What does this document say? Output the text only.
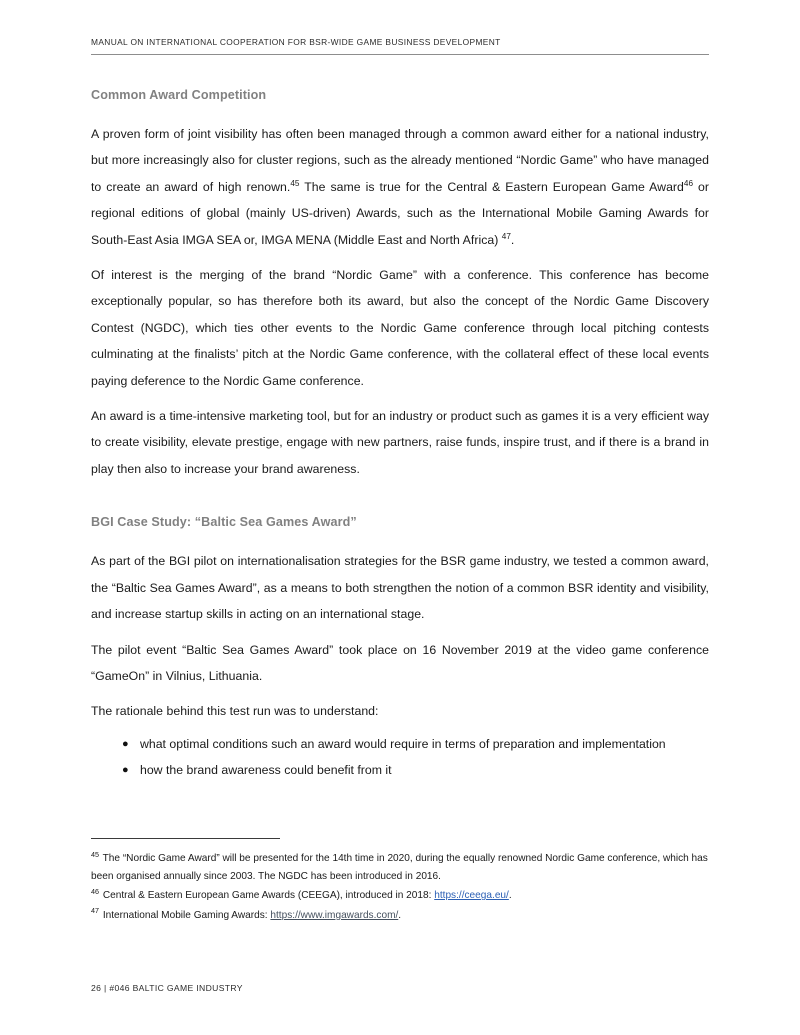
MANUAL ON INTERNATIONAL COOPERATION FOR BSR-WIDE GAME BUSINESS DEVELOPMENT
Common Award Competition

A proven form of joint visibility has often been managed through a common award either for a national industry, but more increasingly also for cluster regions, such as the already mentioned “Nordic Game” who have managed to create an award of high renown.$^{45}$ The same is true for the Central & Eastern European Game Award$^{46}$ or regional editions of global (mainly US-driven) Awards, such as the International Mobile Gaming Awards for South-East Asia IMGA SEA or, IMGA MENA (Middle East and North Africa) $^{47}$.

Of interest is the merging of the brand “Nordic Game” with a conference. This conference has become exceptionally popular, so has therefore both its award, but also the concept of the Nordic Game Discovery Contest (NGDC), which ties other events to the Nordic Game conference through local pitching contests culminating at the finalists’ pitch at the Nordic Game conference, with the collateral effect of these local events paying deference to the Nordic Game conference.

An award is a time-intensive marketing tool, but for an industry or product such as games it is a very efficient way to create visibility, elevate prestige, engage with new partners, raise funds, inspire trust, and if there is a brand in play then also to increase your brand awareness.

BGI Case Study: “Baltic Sea Games Award”

As part of the BGI pilot on internationalisation strategies for the BSR game industry, we tested a common award, the “Baltic Sea Games Award”, as a means to both strengthen the notion of a common BSR identity and visibility, and increase startup skills in acting on an international stage.

The pilot event “Baltic Sea Games Award” took place on 16 November 2019 at the video game conference “GameOn” in Vilnius, Lithuania.

The rationale behind this test run was to understand:

● what optimal conditions such an award would require in terms of preparation and implementation
● how the brand awareness could benefit from it
$^{45}$ The “Nordic Game Award” will be presented for the 14th time in 2020, during the equally renowned Nordic Game conference, which has been organised annually since 2003. The NGDC has been introduced in 2016.
$^{46}$ Central & Eastern European Game Awards (CEEGA), introduced in 2018: https://ceega.eu/.
$^{47}$ International Mobile Gaming Awards: https://www.imgawards.com/.
26 | #046 BALTIC GAME INDUSTRY
